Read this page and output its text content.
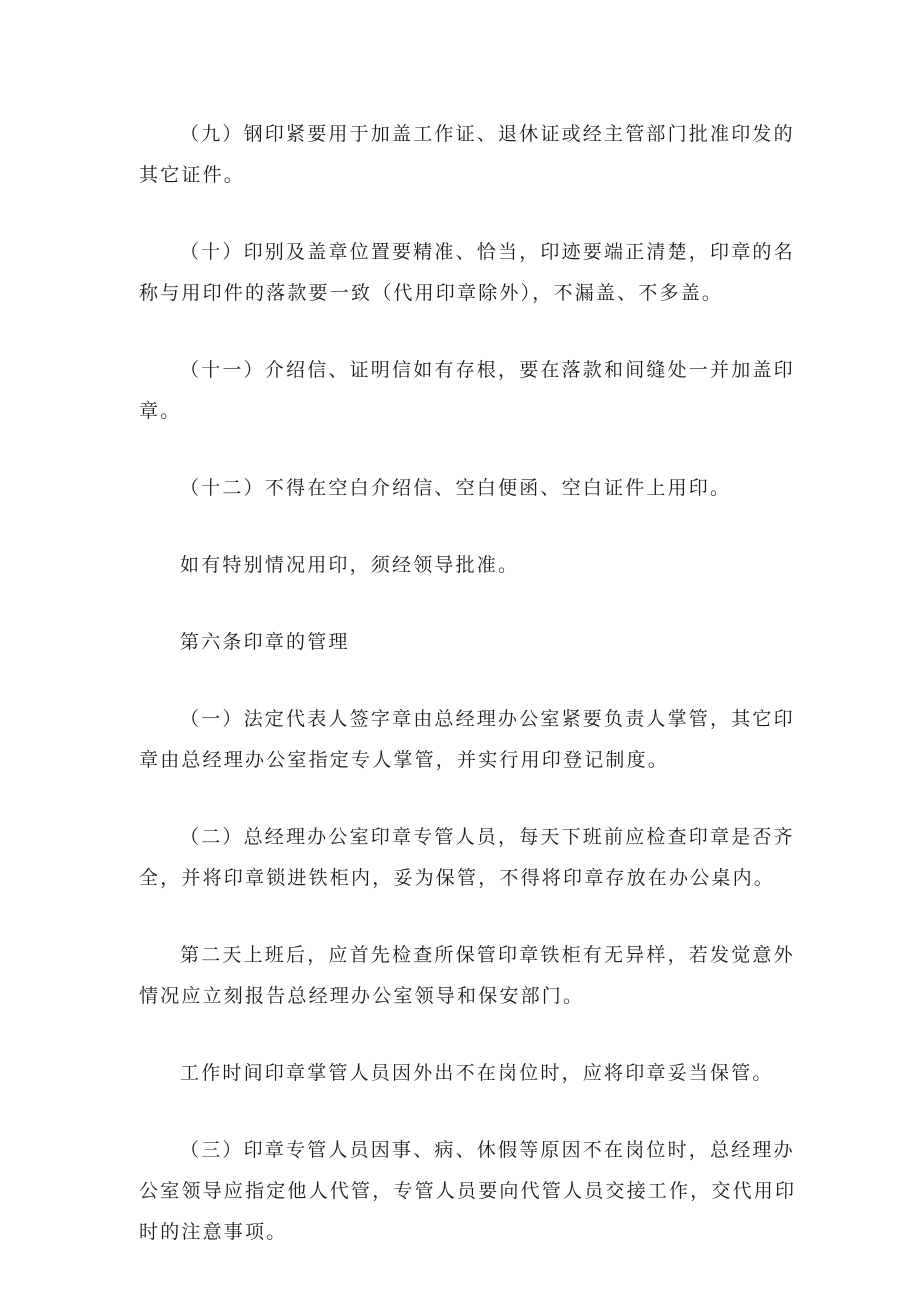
（九）钢印紧要用于加盖工作证、退休证或经主管部门批准印发的其它证件。

（十）印别及盖章位置要精准、恰当，印迹要端正清楚，印章的名称与用印件的落款要一致（代用印章除外），不漏盖、不多盖。

（十一）介绍信、证明信如有存根，要在落款和间缝处一并加盖印章。

（十二）不得在空白介绍信、空白便函、空白证件上用印。

如有特别情况用印，须经领导批准。

第六条印章的管理

（一）法定代表人签字章由总经理办公室紧要负责人掌管，其它印章由总经理办公室指定专人掌管，并实行用印登记制度。

（二）总经理办公室印章专管人员，每天下班前应检查印章是否齐全，并将印章锁进铁柜内，妥为保管，不得将印章存放在办公桌内。

第二天上班后，应首先检查所保管印章铁柜有无异样，若发觉意外情况应立刻报告总经理办公室领导和保安部门。

工作时间印章掌管人员因外出不在岗位时，应将印章妥当保管。

（三）印章专管人员因事、病、休假等原因不在岗位时，总经理办公室领导应指定他人代管，专管人员要向代管人员交接工作，交代用印时的注意事项。
